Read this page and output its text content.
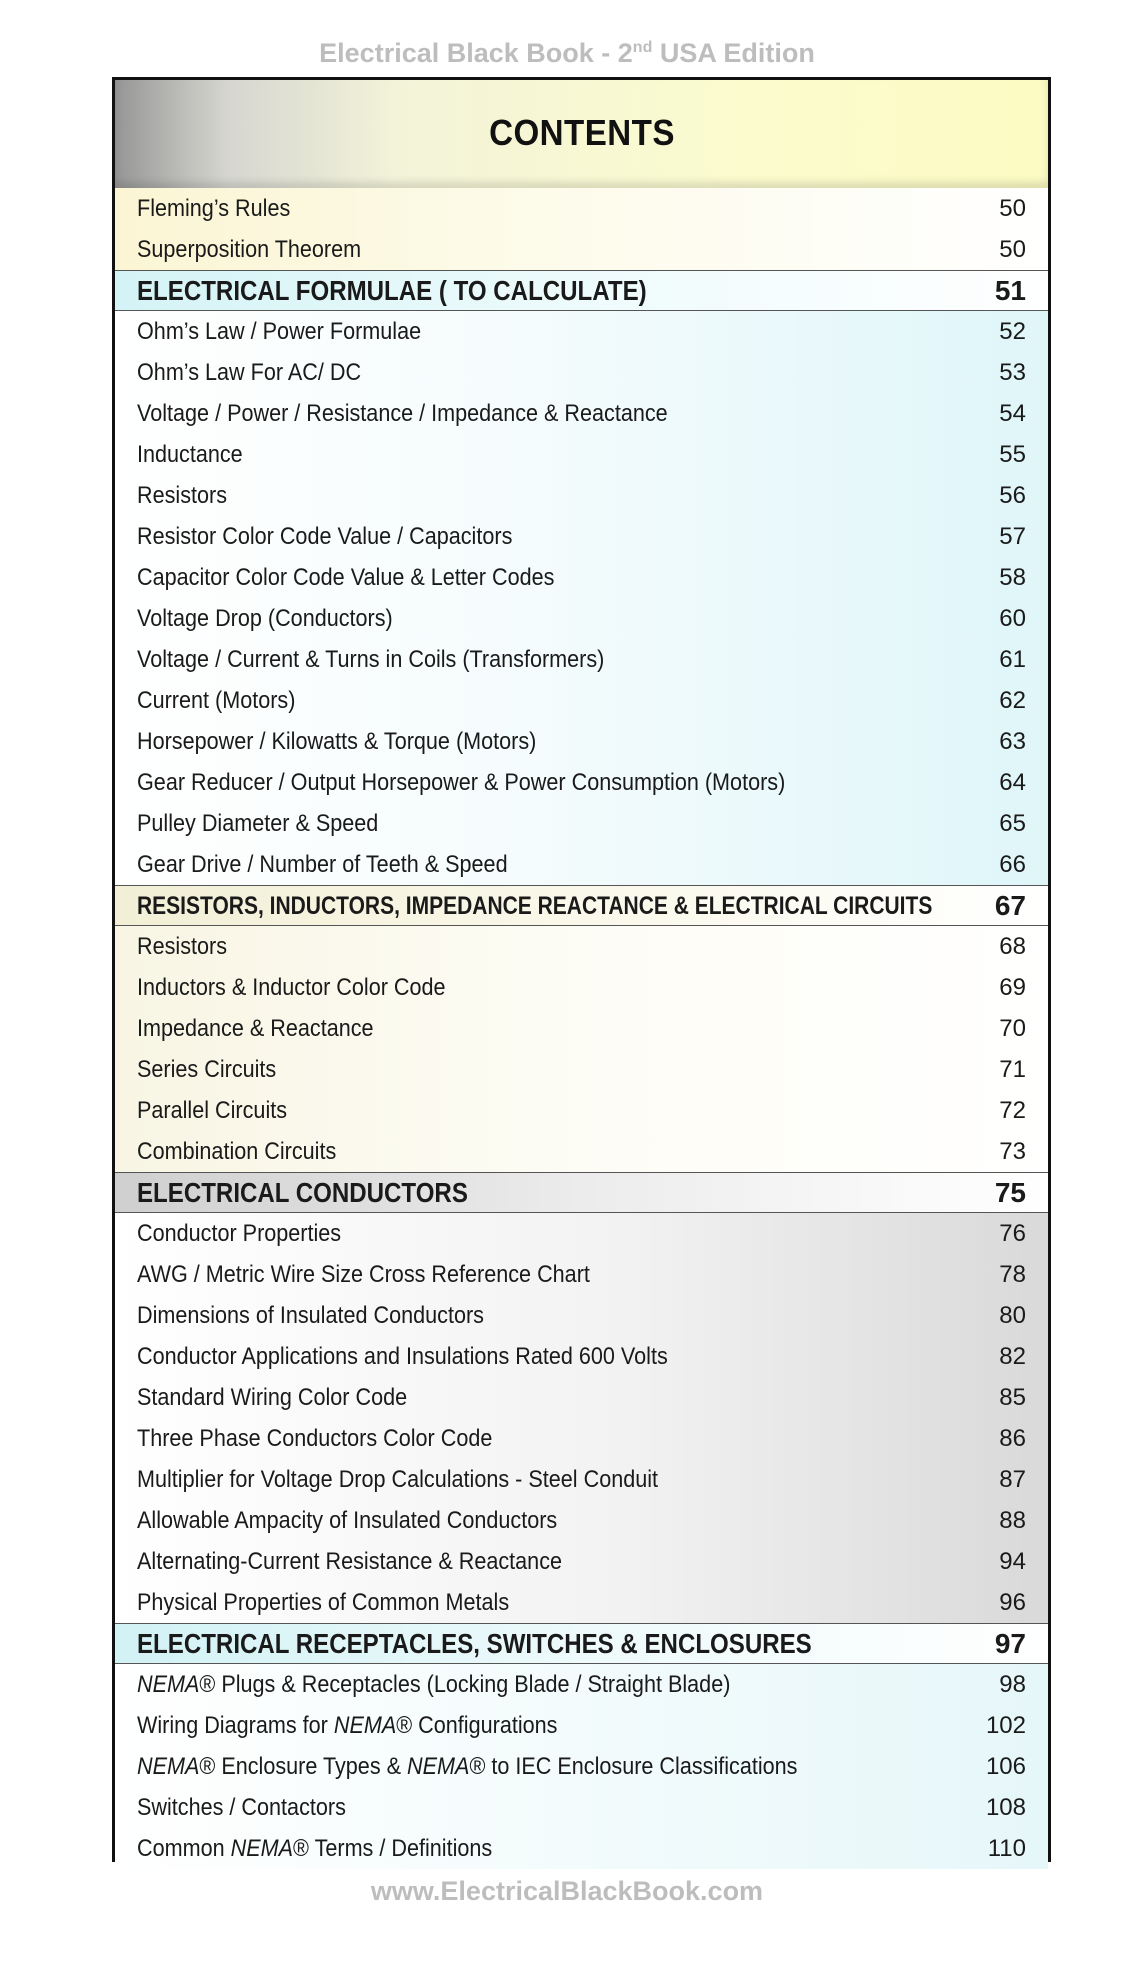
Electrical Black Book - 2nd USA Edition
CONTENTS
Fleming’s Rules	50
Superposition Theorem	50
ELECTRICAL FORMULAE ( TO CALCULATE)	51
Ohm’s Law / Power Formulae	52
Ohm’s Law For AC/ DC	53
Voltage / Power / Resistance / Impedance & Reactance	54
Inductance	55
Resistors	56
Resistor Color Code Value / Capacitors	57
Capacitor Color Code Value & Letter Codes	58
Voltage Drop (Conductors)	60
Voltage / Current & Turns in Coils (Transformers)	61
Current (Motors)	62
Horsepower / Kilowatts & Torque (Motors)	63
Gear Reducer / Output Horsepower & Power Consumption (Motors)	64
Pulley Diameter & Speed	65
Gear Drive / Number of Teeth & Speed	66
RESISTORS, INDUCTORS, IMPEDANCE REACTANCE & ELECTRICAL CIRCUITS 67
Resistors	68
Inductors & Inductor Color Code	69
Impedance & Reactance	70
Series Circuits	71
Parallel Circuits	72
Combination Circuits	73
ELECTRICAL CONDUCTORS	75
Conductor Properties	76
AWG / Metric Wire Size Cross Reference Chart	78
Dimensions of Insulated Conductors	80
Conductor Applications and Insulations Rated 600 Volts	82
Standard Wiring Color Code	85
Three Phase Conductors Color Code	86
Multiplier for Voltage Drop Calculations - Steel Conduit	87
Allowable Ampacity of Insulated Conductors	88
Alternating-Current Resistance & Reactance	94
Physical Properties of Common Metals	96
ELECTRICAL RECEPTACLES, SWITCHES & ENCLOSURES	97
NEMA® Plugs & Receptacles (Locking Blade / Straight Blade)	98
Wiring Diagrams for NEMA® Configurations	102
NEMA® Enclosure Types & NEMA® to IEC Enclosure Classifications	106
Switches / Contactors	108
Common NEMA® Terms / Definitions	110
www.ElectricalBlackBook.com
